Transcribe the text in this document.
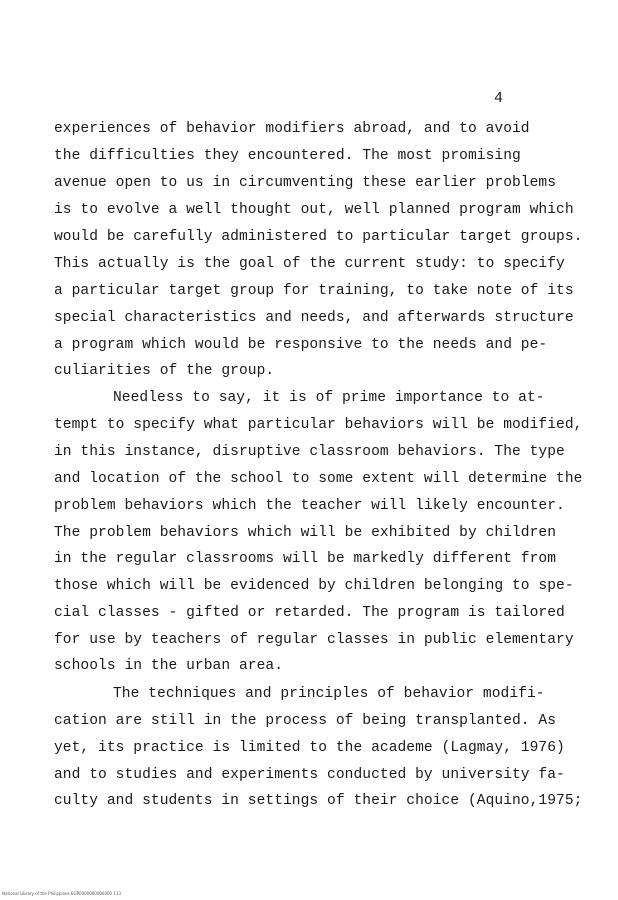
4
experiences of behavior modifiers abroad, and to avoid
the difficulties they encountered. The most promising
avenue open to us in circumventing these earlier problems
is to evolve a well thought out, well planned program which
would be carefully administered to particular target groups.
This actually is the goal of the current study: to specify
a particular target group for training, to take note of its
special characteristics and needs, and afterwards structure
a program which would be responsive to the needs and pe-
culiarities of the group.
Needless to say, it is of prime importance to at-
tempt to specify what particular behaviors will be modified,
in this instance, disruptive classroom behaviors. The type
and location of the school to some extent will determine the
problem behaviors which the teacher will likely encounter.
The problem behaviors which will be exhibited by children
in the regular classrooms will be markedly different from
those which will be evidenced by children belonging to spe-
cial classes - gifted or retarded. The program is tailored
for use by teachers of regular classes in public elementary
schools in the urban area.
The techniques and principles of behavior modifi-
cation are still in the process of being transplanted. As
yet, its practice is limited to the academe (Lagmay, 1976)
and to studies and experiments conducted by university fa-
culty and students in settings of their choice (Aquino,1975;
National Library of the Philippines EGP0000000000000 113
